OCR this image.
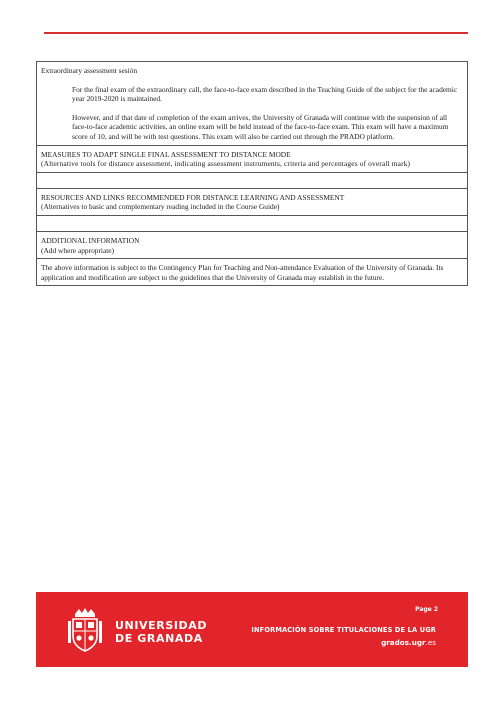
Extraordinary assessment sesión

For the final exam of the extraordinary call, the face-to-face exam described in the Teaching Guide of the subject for the academic year 2019-2020 is maintained.

However, and if that date of completion of the exam arrives, the University of Granada will continue with the suspension of all face-to-face academic activities, an online exam will be held instead of the face-to-face exam. This exam will have a maximum score of 10, and will be with test questions. This exam will also be carried out through the PRADO platform.

MEASURES TO ADAPT SINGLE FINAL ASSESSMENT TO DISTANCE MODE
(Alternative tools for distance assessment, indicating assessment instruments, criteria and percentages of overall mark)

RESOURCES AND LINKS RECOMMENDED FOR DISTANCE LEARNING AND ASSESSMENT
(Alternatives to basic and complementary reading included in the Course Guide)

ADDITIONAL INFORMATION
(Add where appropriate)

The above information is subject to the Contingency Plan for Teaching and Non-attendance Evaluation of the University of Granada. Its application and modification are subject to the guidelines that the University of Granada may establish in the future.
UNIVERSIDAD
DE GRANADA
Page 2
INFORMACIÓN SOBRE TITULACIONES DE LA UGR
grados.ugr.es
